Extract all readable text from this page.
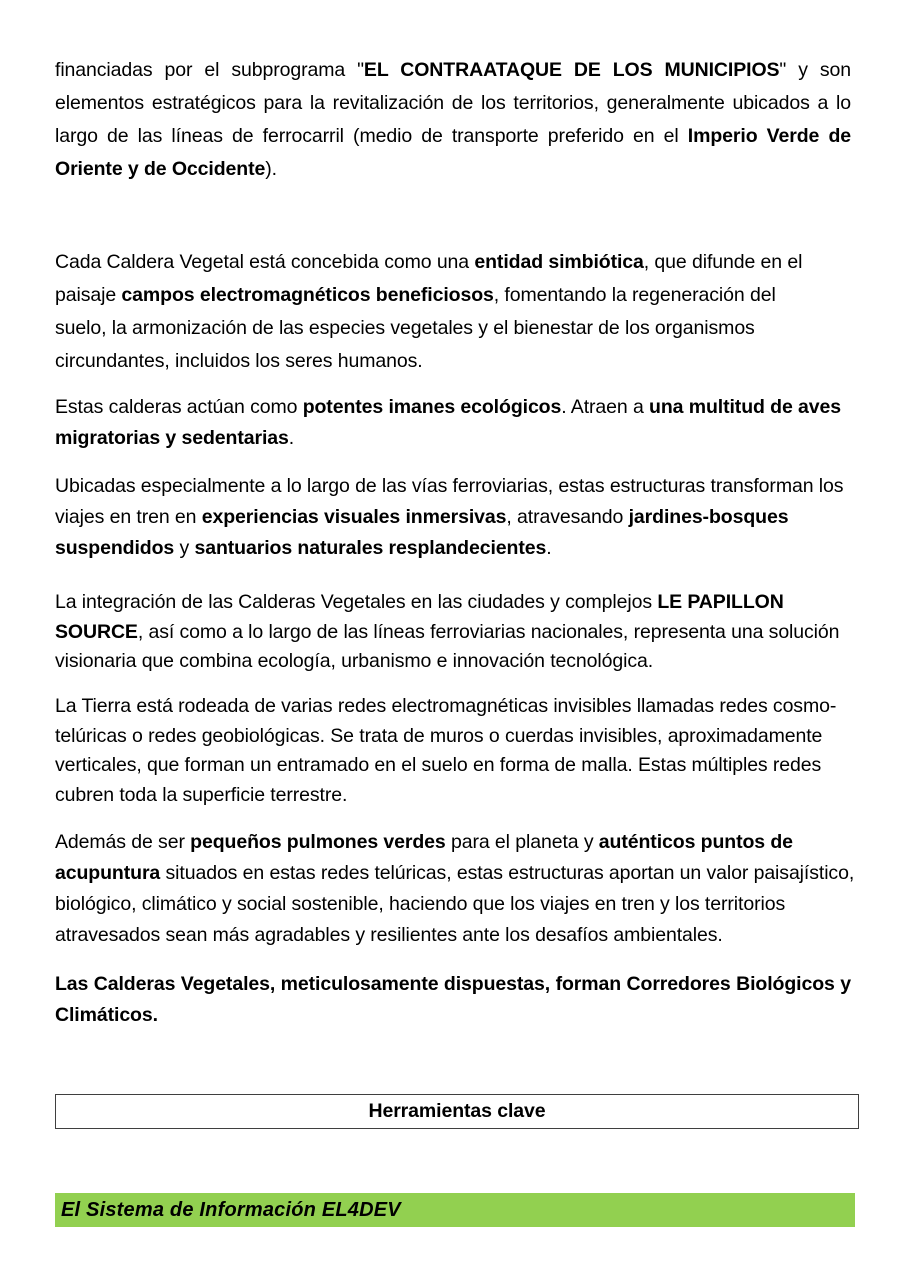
financiadas por el subprograma "EL CONTRAATAQUE DE LOS MUNICIPIOS" y son elementos estratégicos para la revitalización de los territorios, generalmente ubicados a lo largo de las líneas de ferrocarril (medio de transporte preferido en el Imperio Verde de Oriente y de Occidente).

Cada Caldera Vegetal está concebida como una entidad simbiótica, que difunde en el paisaje campos electromagnéticos beneficiosos, fomentando la regeneración del suelo, la armonización de las especies vegetales y el bienestar de los organismos circundantes, incluidos los seres humanos.

Estas calderas actúan como potentes imanes ecológicos. Atraen a una multitud de aves migratorias y sedentarias.

Ubicadas especialmente a lo largo de las vías ferroviarias, estas estructuras transforman los viajes en tren en experiencias visuales inmersivas, atravesando jardines-bosques suspendidos y santuarios naturales resplandecientes.

La integración de las Calderas Vegetales en las ciudades y complejos LE PAPILLON SOURCE, así como a lo largo de las líneas ferroviarias nacionales, representa una solución visionaria que combina ecología, urbanismo e innovación tecnológica.

La Tierra está rodeada de varias redes electromagnéticas invisibles llamadas redes cosmo-telúricas o redes geobiológicas. Se trata de muros o cuerdas invisibles, aproximadamente verticales, que forman un entramado en el suelo en forma de malla. Estas múltiples redes cubren toda la superficie terrestre.

Además de ser pequeños pulmones verdes para el planeta y auténticos puntos de acupuntura situados en estas redes telúricas, estas estructuras aportan un valor paisajístico, biológico, climático y social sostenible, haciendo que los viajes en tren y los territorios atravesados sean más agradables y resilientes ante los desafíos ambientales.

Las Calderas Vegetales, meticulosamente dispuestas, forman Corredores Biológicos y Climáticos.

Herramientas clave
El Sistema de Información EL4DEV
